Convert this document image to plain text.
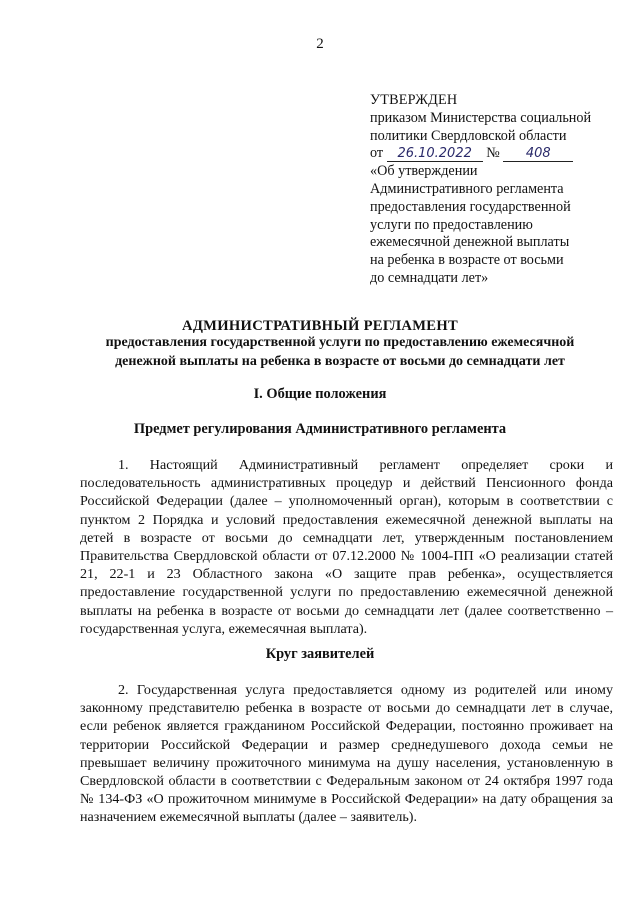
2
УТВЕРЖДЕН
приказом Министерства социальной
политики Свердловской области
от 26.10.2022 № 408
«Об утверждении
Административного регламента
предоставления государственной
услуги по предоставлению
ежемесячной денежной выплаты
на ребенка в возрасте от восьми
до семнадцати лет»
АДМИНИСТРАТИВНЫЙ РЕГЛАМЕНТ
предоставления государственной услуги по предоставлению ежемесячной денежной выплаты на ребенка в возрасте от восьми до семнадцати лет
I. Общие положения
Предмет регулирования Административного регламента
1. Настоящий Административный регламент определяет сроки и последовательность административных процедур и действий Пенсионного фонда Российской Федерации (далее – уполномоченный орган), которым в соответствии с пунктом 2 Порядка и условий предоставления ежемесячной денежной выплаты на детей в возрасте от восьми до семнадцати лет, утвержденным постановлением Правительства Свердловской области от 07.12.2000 № 1004-ПП «О реализации статей 21, 22-1 и 23 Областного закона «О защите прав ребенка», осуществляется предоставление государственной услуги по предоставлению ежемесячной денежной выплаты на ребенка в возрасте от восьми до семнадцати лет (далее соответственно – государственная услуга, ежемесячная выплата).
Круг заявителей
2. Государственная услуга предоставляется одному из родителей или иному законному представителю ребенка в возрасте от восьми до семнадцати лет в случае, если ребенок является гражданином Российской Федерации, постоянно проживает на территории Российской Федерации и размер среднедушевого дохода семьи не превышает величину прожиточного минимума на душу населения, установленную в Свердловской области в соответствии с Федеральным законом от 24 октября 1997 года № 134-ФЗ «О прожиточном минимуме в Российской Федерации» на дату обращения за назначением ежемесячной выплаты (далее – заявитель).
